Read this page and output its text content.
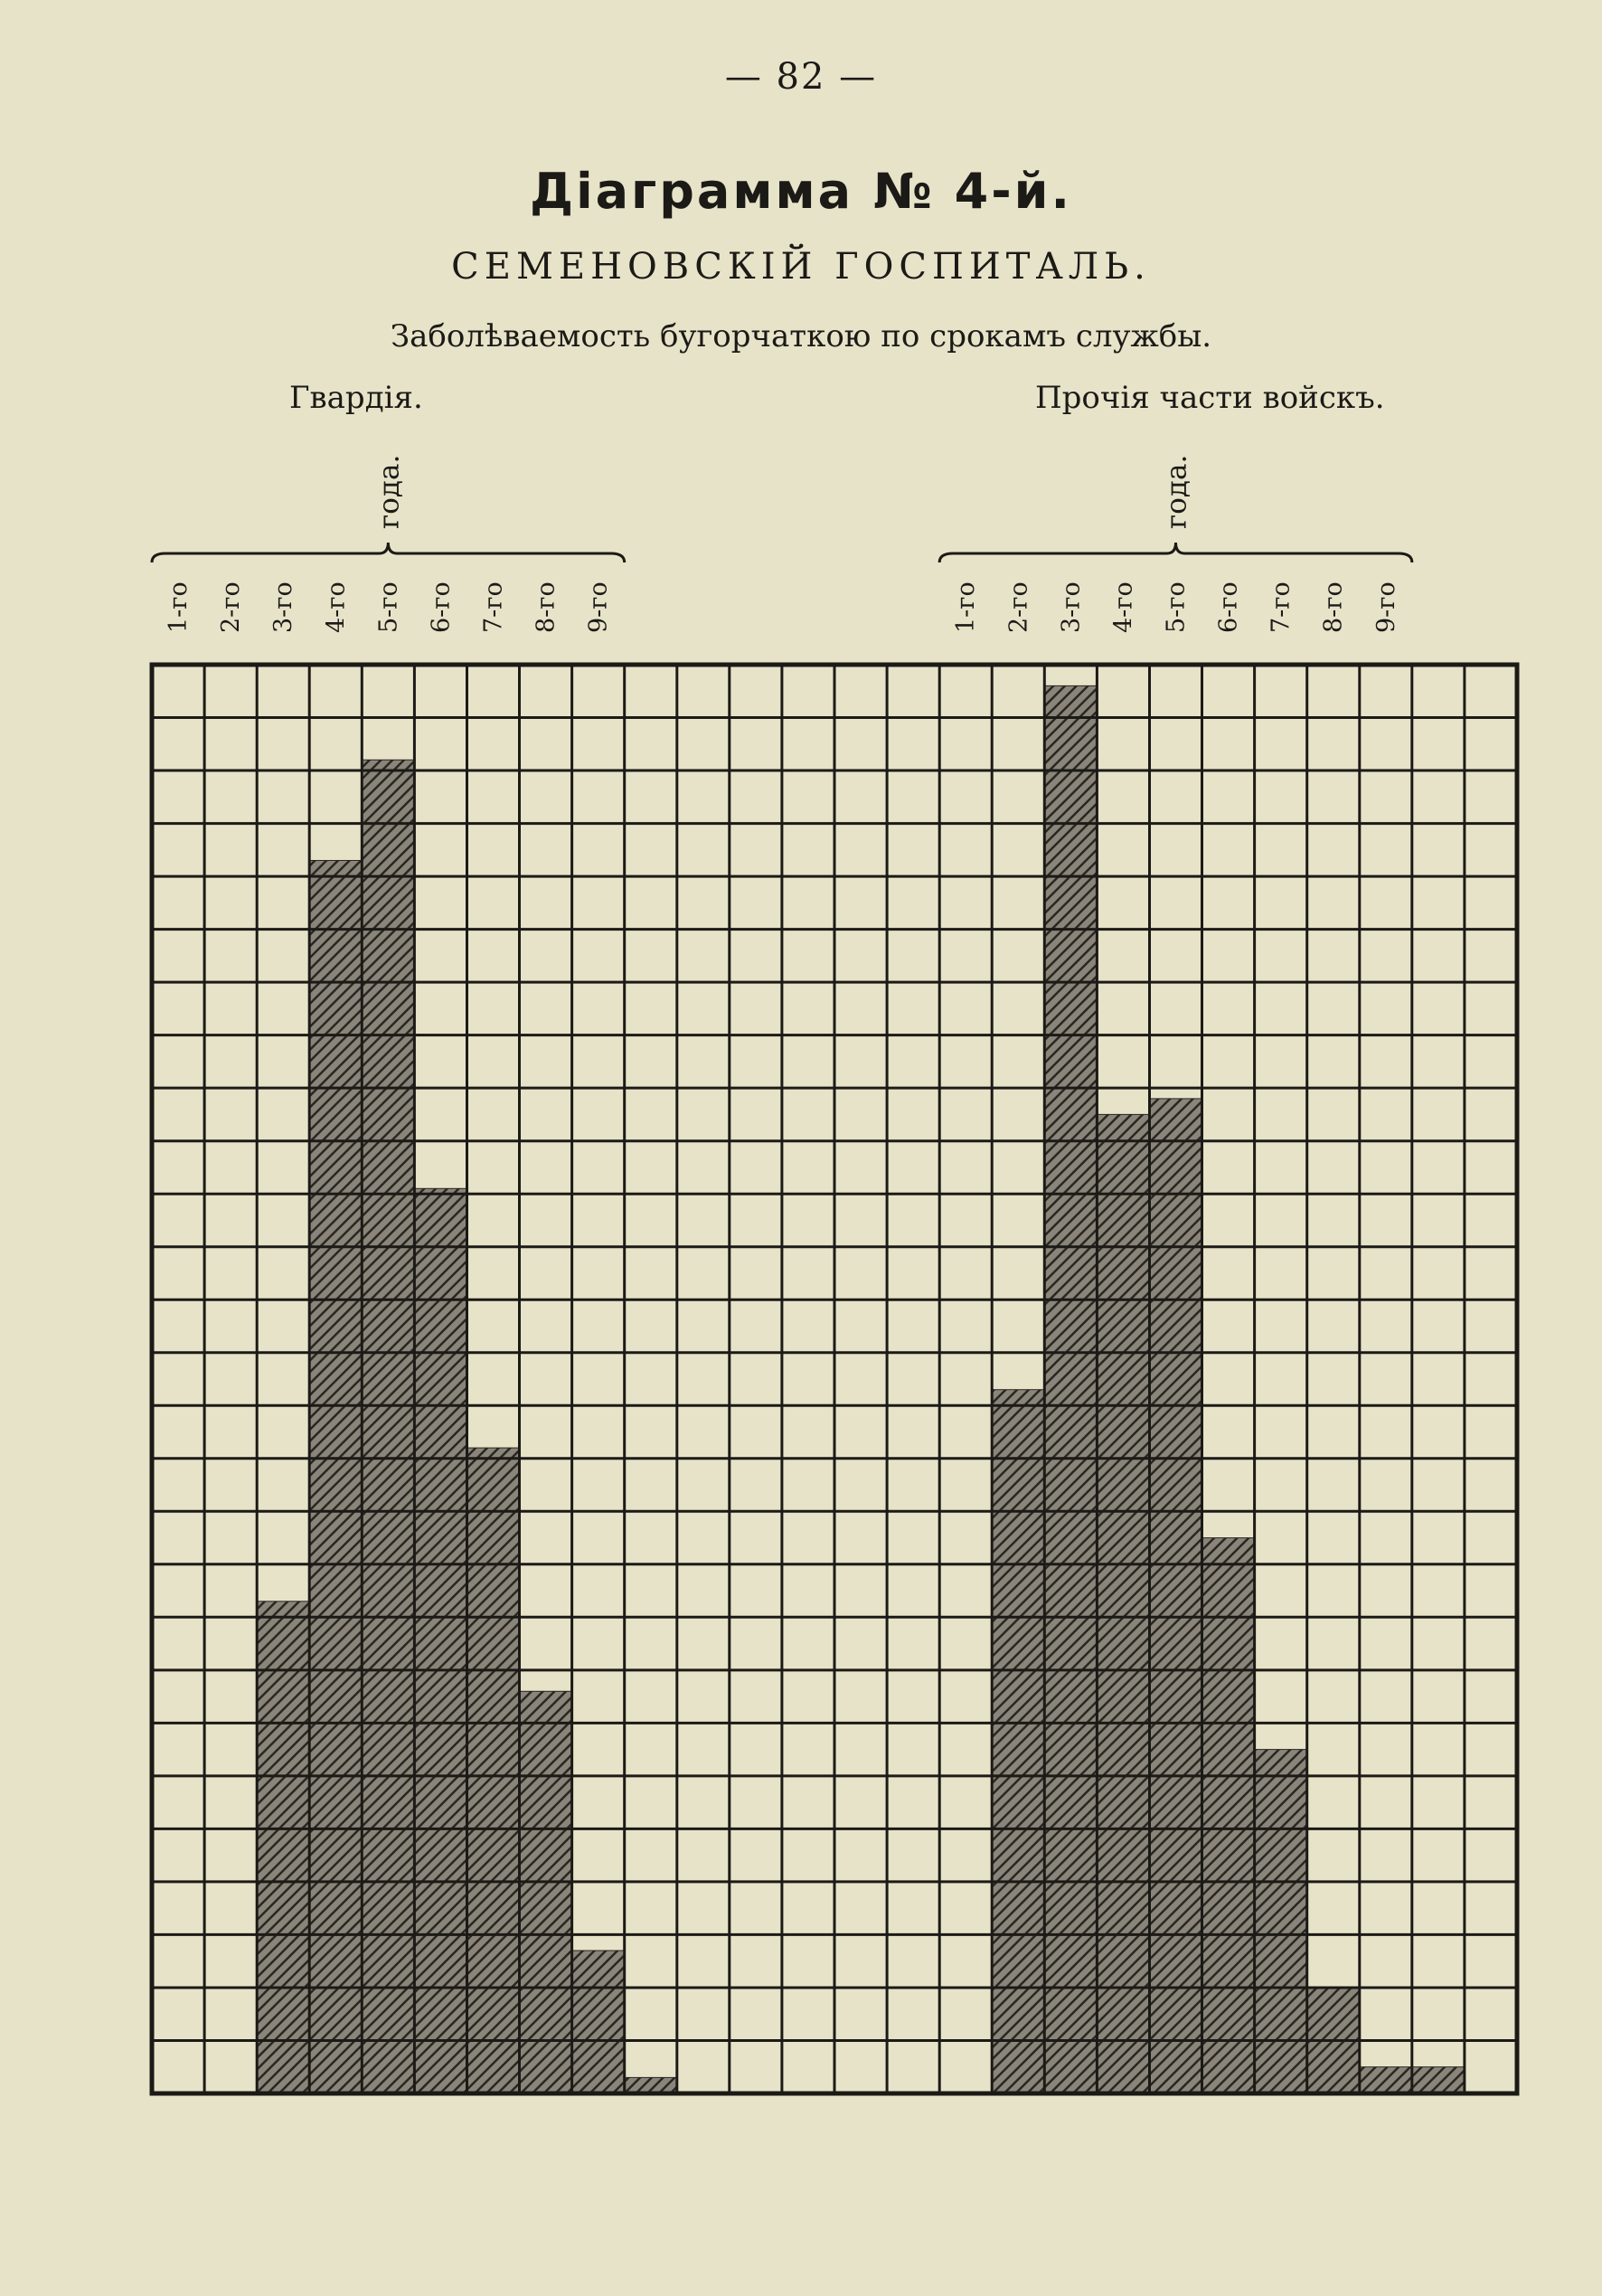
— 82 —
Діаграмма № 4-й.
СЕМЕНОВСКІЙ ГОСПИТАЛЬ.
Заболѣваемость бугорчаткою по срокамъ службы.
Гвардія.	Прочія части войскъ.
1-го 2-го 3-го 4-го 5-го 6-го 7-го 8-го 9-го
года.
1-го 2-го 3-го 4-го 5-го 6-го 7-го 8-го 9-го
года.
